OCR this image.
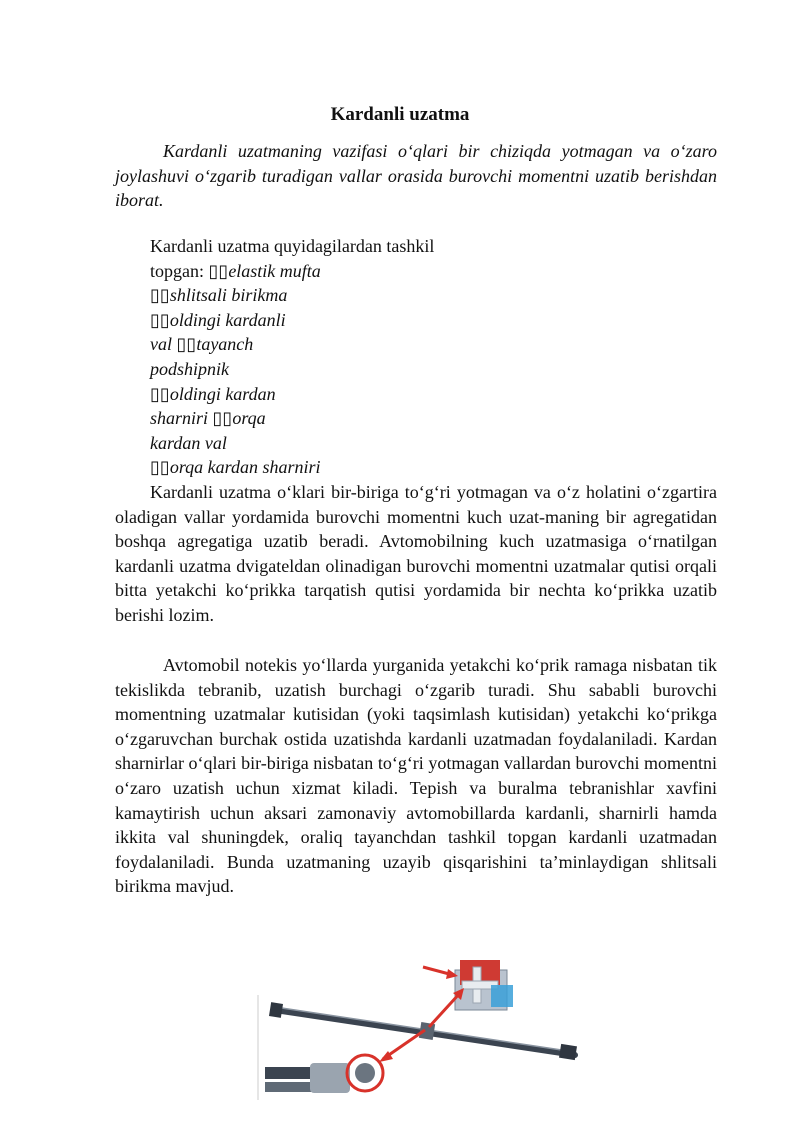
Kardanli uzatma

Kardanli uzatmaning vazifasi o‘qlari bir chiziqda yotmagan va o‘zaro joylashuvi o‘zgarib turadigan vallar orasida burovchi momentni uzatib berishdan iborat.

Kardanli uzatma quyidagilardan tashkil
topgan: ▯▯elastik mufta
▯▯shlitsali birikma
▯▯oldingi kardanli
val ▯▯tayanch
podshipnik
▯▯oldingi kardan
sharniri ▯▯orqa
kardan val
▯▯orqa kardan sharniri

Kardanli uzatma o‘klari bir-biriga to‘g‘ri yotmagan va o‘z holatini o‘zgartira oladigan vallar yordamida burovchi momentni kuch uzat-maning bir agregatidan boshqa agregatiga uzatib beradi. Avtomobilning kuch uzatmasiga o‘rnatilgan kardanli uzatma dvigateldan olinadigan burovchi momentni uzatmalar qutisi orqali bitta yetakchi ko‘prikka tarqatish qutisi yordamida bir nechta ko‘prikka uzatib berishi lozim.

Avtomobil notekis yo‘llarda yurganida yetakchi ko‘prik ramaga nisbatan tik tekislikda tebranib, uzatish burchagi o‘zgarib turadi. Shu sababli burovchi momentning uzatmalar kutisidan (yoki taqsimlash kutisidan) yetakchi ko‘prikga o‘zgaruvchan burchak ostida uzatishda kardanli uzatmadan foydalaniladi. Kardan sharnirlar o‘qlari bir-biriga nisbatan to‘g‘ri yotmagan vallardan burovchi momentni o‘zaro uzatish uchun xizmat kiladi. Tepish va buralma tebranishlar xavfini kamaytirish uchun aksari zamonaviy avtomobillarda kardanli, sharnirli hamda ikkita val shuningdek, oraliq tayanchdan tashkil topgan kardanli uzatmadan foydalaniladi. Bunda uzatmaning uzayib qisqarishini ta’minlaydigan shlitsali birikma mavjud.
